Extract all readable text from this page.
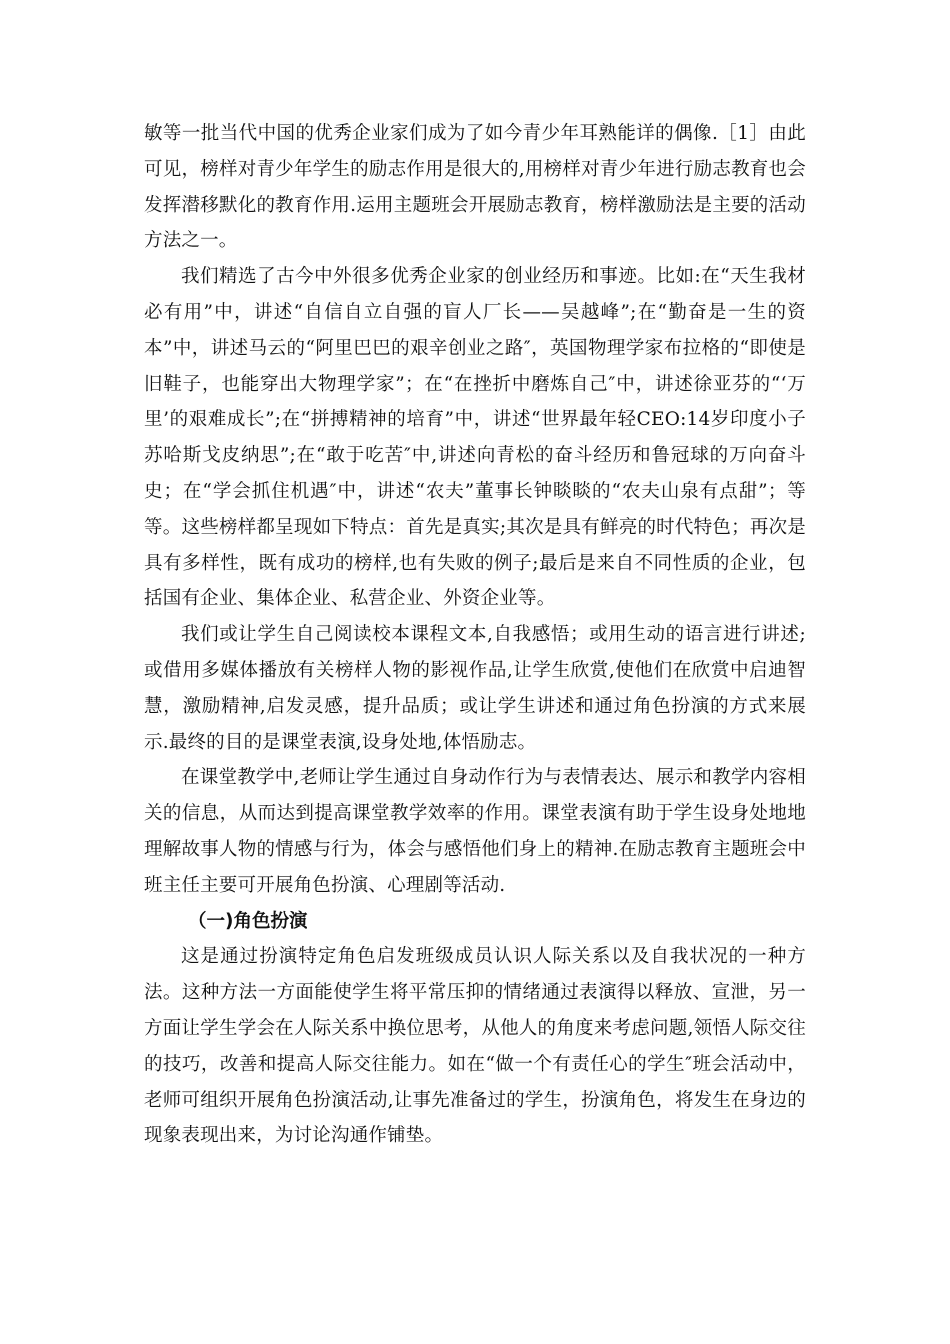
敏等一批当代中国的优秀企业家们成为了如今青少年耳熟能详的偶像.［1］由此可见，榜样对青少年学生的励志作用是很大的,用榜样对青少年进行励志教育也会发挥潜移默化的教育作用.运用主题班会开展励志教育，榜样激励法是主要的活动方法之一。

我们精选了古今中外很多优秀企业家的创业经历和事迹。比如:在“天生我材必有用”中，讲述“自信自立自强的盲人厂长——吴越峰”;在“勤奋是一生的资本”中，讲述马云的“阿里巴巴的艰辛创业之路″，英国物理学家布拉格的“即使是旧鞋子，也能穿出大物理学家”；在“在挫折中磨炼自己″中，讲述徐亚芬的“‘万里’的艰难成长”;在“拼搏精神的培育”中，讲述“世界最年轻CEO:14岁印度小子苏哈斯戈皮纳思”;在“敢于吃苦″中,讲述向青松的奋斗经历和鲁冠球的万向奋斗史；在“学会抓住机遇″中，讲述“农夫”董事长钟睒睒的“农夫山泉有点甜”；等等。这些榜样都呈现如下特点：首先是真实;其次是具有鲜亮的时代特色；再次是具有多样性，既有成功的榜样,也有失败的例子;最后是来自不同性质的企业，包括国有企业、集体企业、私营企业、外资企业等。

我们或让学生自己阅读校本课程文本,自我感悟；或用生动的语言进行讲述;或借用多媒体播放有关榜样人物的影视作品,让学生欣赏,使他们在欣赏中启迪智慧，激励精神,启发灵感，提升品质；或让学生讲述和通过角色扮演的方式来展示.最终的目的是课堂表演,设身处地,体悟励志。

在课堂教学中,老师让学生通过自身动作行为与表情表达、展示和教学内容相关的信息，从而达到提高课堂教学效率的作用。课堂表演有助于学生设身处地地理解故事人物的情感与行为，体会与感悟他们身上的精神.在励志教育主题班会中班主任主要可开展角色扮演、心理剧等活动.

（一)角色扮演

这是通过扮演特定角色启发班级成员认识人际关系以及自我状况的一种方法。这种方法一方面能使学生将平常压抑的情绪通过表演得以释放、宣泄，另一方面让学生学会在人际关系中换位思考，从他人的角度来考虑问题,领悟人际交往的技巧，改善和提高人际交往能力。如在“做一个有责任心的学生″班会活动中，老师可组织开展角色扮演活动,让事先准备过的学生，扮演角色，将发生在身边的现象表现出来，为讨论沟通作铺垫。
